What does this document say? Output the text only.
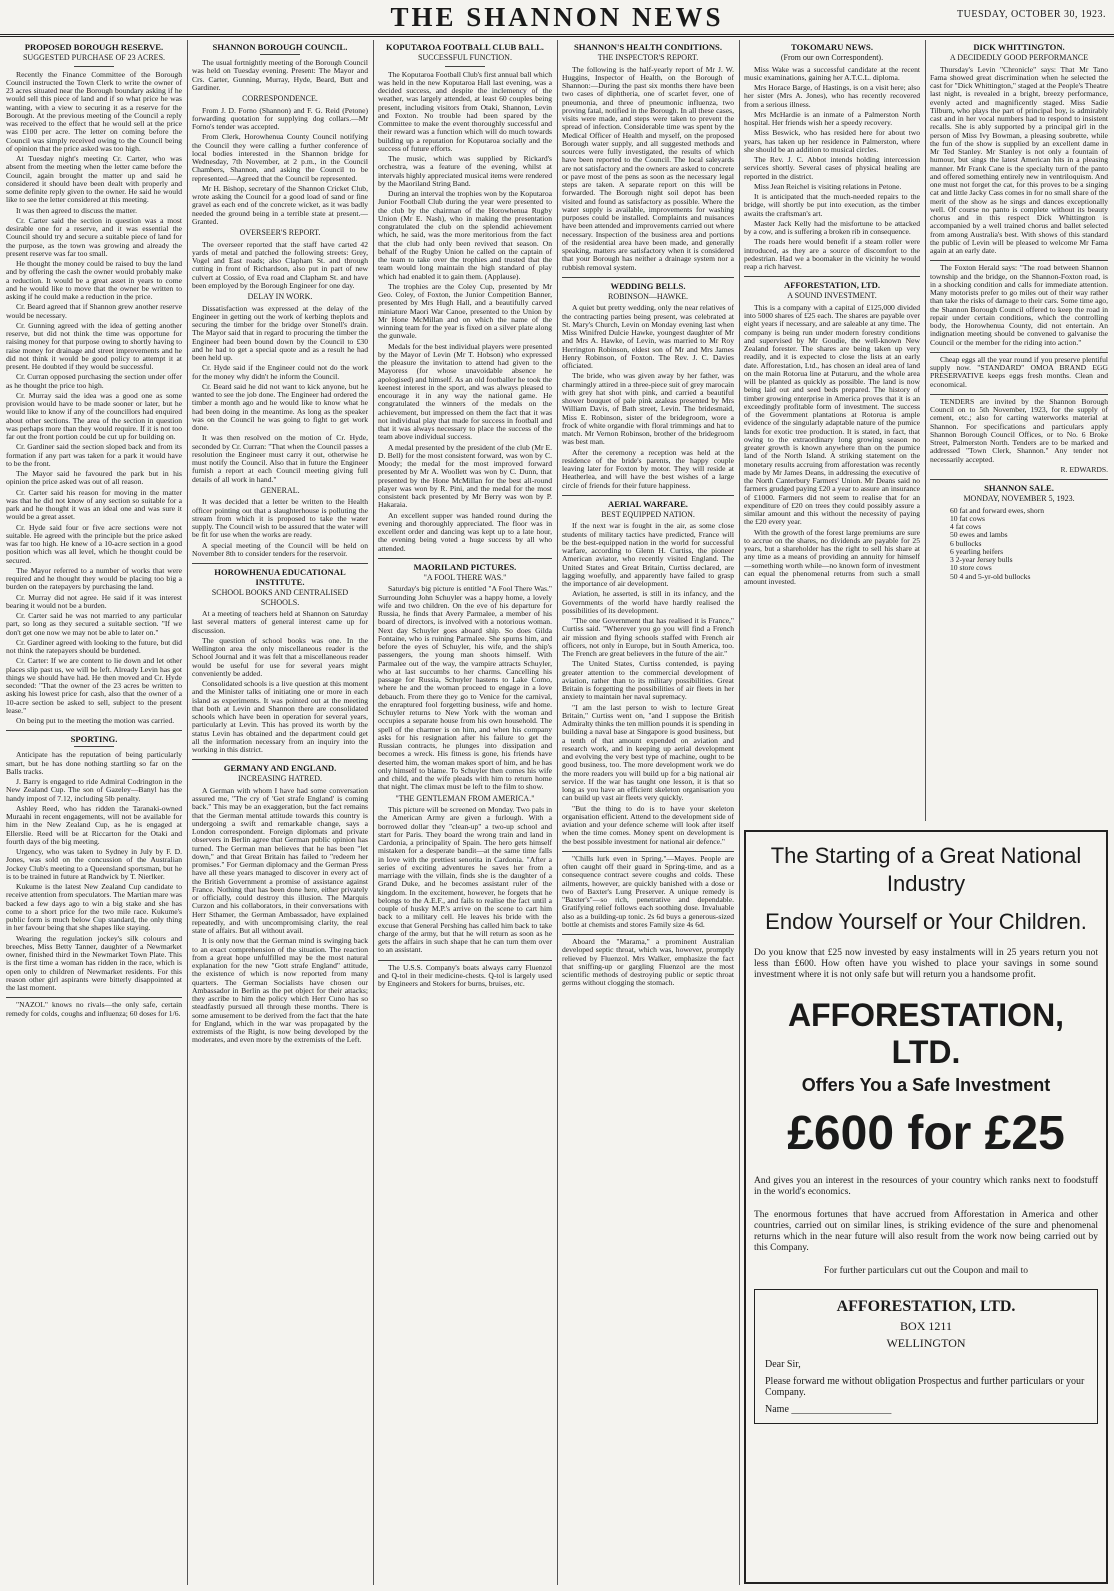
THE SHANNON NEWS	TUESDAY, OCTOBER 30, 1923.
PROPOSED BOROUGH RESERVE.
SUGGESTED PURCHASE OF 23 ACRES.

Recently the Finance Committee of the Borough Council instructed the Town Clerk to write the owner of 23 acres situated near the Borough boundary asking if he would sell this piece of land and if so what price he was wanting, with a view to securing it as a reserve for the Borough. At the previous meeting of the Council a reply was received to the effect that he would sell at the price was £100 per acre. The letter on coming before the Council was simply received owing to the Council being of opinion that the price asked was too high.

At Tuesday night's meeting Cr. Carter, who was absent from the meeting when the letter came before the Council, again brought the matter up and said he considered it should have been dealt with properly and some definite reply given to the owner. He said he would like to see the letter considered at this meeting.

It was then agreed to discuss the matter.

Cr. Carter said the section in question was a most desirable one for a reserve, and it was essential the Council should try and secure a suitable piece of land for the purpose, as the town was growing and already the present reserve was far too small.

He thought the money could be raised to buy the land and by offering the cash the owner would probably make a reduction. It would be a great asset in years to come and he would like to move that the owner be written to asking if he could make a reduction in the price.

Cr. Beard agreed that if Shannon grew another reserve would be necessary.

Cr. Gunning agreed with the idea of getting another reserve, but did not think the time was opportune for raising money for that purpose owing to shortly having to raise money for drainage and street improvements and he did not think it would be good policy to attempt it at present. He doubted if they would be successful.

Cr. Curran opposed purchasing the section under offer as he thought the price too high.

Cr. Murray said the idea was a good one as some provision would have to be made sooner or later, but he would like to know if any of the councillors had enquired about other sections. The area of the section in question was perhaps more than they would require. If it is not too far out the front portion could be cut up for building on.

Cr. Gardiner said the section sloped back and from its formation if any part was taken for a park it would have to be the front.

The Mayor said he favoured the park but in his opinion the price asked was out of all reason.

Cr. Carter said his reason for moving in the matter was that he did not know of any section so suitable for a park and he thought it was an ideal one and was sure it would be a great asset.

Cr. Hyde said four or five acre sections were not suitable. He agreed with the principle but the price asked was far too high. He knew of a 10-acre section in a good position which was all level, which he thought could be secured.

The Mayor referred to a number of works that were required and he thought they would be placing too big a burden on the ratepayers by purchasing the land.

Cr. Murray did not agree. He said if it was interest bearing it would not be a burden.

Cr. Carter said he was not married to any particular part, so long as they secured a suitable section. "If we don't get one now we may not be able to later on."

Cr. Gardiner agreed with looking to the future, but did not think the ratepayers should be burdened.

Cr. Carter: If we are content to lie down and let other places slip past us, we will be left. Already Levin has got things we should have had. He then moved and Cr. Hyde seconded: "That the owner of the 23 acres be written to asking his lowest price for cash, also that the owner of a 10-acre section be asked to sell, subject to the present lease."

On being put to the meeting the motion was carried.

SPORTING.

Anticipate has the reputation of being particularly smart, but he has done nothing startling so far on the Balls tracks.

J. Barry is engaged to ride Admiral Codrington in the New Zealand Cup. The son of Gazeley—Banyl has the handy impost of 7.12, including 5lb penalty.

Ashley Reed, who has ridden the Taranaki-owned Muraahi in recent engagements, will not be available for him in the New Zealand Cup, as he is engaged at Ellerslie. Reed will be at Riccarton for the Otaki and fourth days of the big meeting.

Urgency, who was taken to Sydney in July by F. D. Jones, was sold on the concussion of the Australian Jockey Club's meeting to a Queensland sportsman, but he is to be trained in future at Randwick by T. Nierlker.

Kukume is the latest New Zealand Cup candidate to receive attention from speculators. The Martian mare was backed a few days ago to win a big stake and she has come to a short price for the two mile race. Kukume's public form is much below Cup standard, the only thing in her favour being that she shapes like staying.

Wearing the regulation jockey's silk colours and breeches, Miss Betty Tanner, daughter of a Newmarket owner, finished third in the Newmarket Town Plate. This is the first time a woman has ridden in the race, which is open only to children of Newmarket residents. For this reason other girl aspirants were bitterly disappointed at the last moment.

"NAZOL" knows no rivals—the only safe, certain remedy for colds, coughs and influenza; 60 doses for 1/6.

SHANNON BOROUGH COUNCIL.

The usual fortnightly meeting of the Borough Council was held on Tuesday evening. Present: The Mayor and Crs. Carter, Gunning, Murray, Hyde, Beard, Butt and Gardiner.

CORRESPONDENCE.

From J. D. Forno (Shannon) and F. G. Reid (Petone) forwarding quotation for supplying dog collars.—Mr Forno's tender was accepted.

From Clerk, Horowhenua County Council notifying the Council they were calling a further conference of local bodies interested in the Shannon bridge for Wednesday, 7th November, at 2 p.m., in the Council Chambers, Shannon, and asking the Council to be represented.—Agreed that the Council be represented.

Mr H. Bishop, secretary of the Shannon Cricket Club, wrote asking the Council for a good load of sand or fine gravel as each end of the concrete wicket, as it was badly needed the ground being in a terrible state at present.—Granted.

OVERSEER'S REPORT.

The overseer reported that the staff have carted 42 yards of metal and patched the following streets: Grey, Vogel and East roads; also Clapham St. and through cutting in front of Richardson, also put in part of new culvert at Cossio, of Eva road and Clapham St. and have been employed by the Borough Engineer for one day.

DELAY IN WORK.

Dissatisfaction was expressed at the delay of the Engineer in getting out the work of kerbing theplots and securing the timber for the bridge over Stonell's drain. The Mayor said that in regard to procuring the timber the Engineer had been bound down by the Council to £30 and he had to get a special quote and as a result he had been held up.

Cr. Hyde said if the Engineer could not do the work for the money why didn't he inform the Council.

Cr. Beard said he did not want to kick anyone, but he wanted to see the job done. The Engineer had ordered the timber a month ago and he would like to know what he had been doing in the meantime. As long as the speaker was on the Council he was going to fight to get work done.

It was then resolved on the motion of Cr. Hyde, seconded by Cr. Curran: "That when the Council passes a resolution the Engineer must carry it out, otherwise he must notify the Council. Also that in future the Engineer furnish a report at each Council meeting giving full details of all work in hand."

GENERAL.

It was decided that a letter be written to the Health officer pointing out that a slaughterhouse is polluting the stream from which it is proposed to take the water supply. The Council wish to be assured that the water will be fit for use when the works are ready.

A special meeting of the Council will be held on November 8th to consider tenders for the reservoir.

HOROWHENUA EDUCATIONAL INSTITUTE.
SCHOOL BOOKS AND CENTRALISED SCHOOLS.

At a meeting of teachers held at Shannon on Saturday last several matters of general interest came up for discussion.

The question of school books was one. In the Wellington area the only miscellaneous reader is the School Journal and it was felt that a miscellaneous reader would be useful for use for several years might conveniently be added.

Consolidated schools is a live question at this moment and the Minister talks of initiating one or more in each island as experiments. It was pointed out at the meeting that both at Levin and Shannon there are consolidated schools which have been in operation for several years, particularly at Levin. This has proved its worth by the status Levin has obtained and the department could get all the information necessary from an inquiry into the working in this district.

GERMANY AND ENGLAND.
INCREASING HATRED.

A German with whom I have had some conversation assured me, "The cry of 'Get strafe England' is coming back." This may be an exaggeration, but the fact remains that the German mental attitude towards this country is undergoing a swift and remarkable change, says a London correspondent. Foreign diplomats and private observers in Berlin agree that German public opinion has turned. The German man believes that he has been "let down," and that Great Britain has failed to "redeem her promises." For German diplomacy and the German Press have all these years managed to discover in every act of the British Government a promise of assistance against France. Nothing that has been done here, either privately or officially, could destroy this illusion. The Marquis Curzon and his collaborators, in their conversations with Herr Sthamer, the German Ambassador, have explained repeatedly, and with uncompromising clarity, the real state of affairs. But all without avail.

It is only now that the German mind is swinging back to an exact comprehension of the situation. The reaction from a great hope unfulfilled may be the most natural explanation for the new "Gott strafe England" attitude, the existence of which is now reported from many quarters. The German Socialists have chosen our Ambassador in Berlin as the pet object for their attacks; they ascribe to him the policy which Herr Cuno has so steadfastly pursued all through these months. There is some amusement to be derived from the fact that the hate for England, which in the war was propagated by the extremists of the Right, is now being developed by the moderates, and even more by the extremists of the Left.

KOPUTAROA FOOTBALL CLUB BALL.
SUCCESSFUL FUNCTION.

The Koputaroa Football Club's first annual ball which was held in the new Koputaroa Hall last evening, was a decided success, and despite the inclemency of the weather, was largely attended, at least 60 couples being present, including visitors from Otaki, Shannon, Levin and Foxton. No trouble had been spared by the Committee to make the event thoroughly successful and their reward was a function which will do much towards building up a reputation for Koputaroa socially and the success of future efforts.

The music, which was supplied by Rickard's orchestra, was a feature of the evening, whilst at intervals highly appreciated musical items were rendered by the Maoriland String Band.

During an interval the trophies won by the Koputaroa Junior Football Club during the year were presented to the club by the chairman of the Horowhenua Rugby Union (Mr E. Nash), who in making the presentation congratulated the club on the splendid achievement which, he said, was the more meritorious from the fact that the club had only been revived that season. On behalf of the Rugby Union he called on the captain of the team to take over the trophies and trusted that the team would long maintain the high standard of play which had enabled it to gain them. (Applause).

The trophies are the Coley Cup, presented by Mr Geo. Coley, of Foxton, the Junior Competition Banner, presented by Mrs Hugh Hall, and a beautifully carved miniature Maori War Canoe, presented to the Union by Mr Hone McMillan and on which the name of the winning team for the year is fixed on a silver plate along the gunwale.

Medals for the best individual players were presented by the Mayor of Levin (Mr T. Hobson) who expressed the pleasure the invitation to attend had given to the Mayoress (for whose unavoidable absence he apologised) and himself. As an old footballer he took the keenest interest in the sport, and was always pleased to encourage it in any way the national game. He congratulated the winners of the medals on the achievement, but impressed on them the fact that it was not individual play that made for success in football and that it was always necessary to place the success of the team above individual success.

A medal presented by the president of the club (Mr E. D. Bell) for the most consistent forward, was won by C. Moody; the medal for the most improved forward presented by Mr A. Woollett was won by C. Dunn, that presented by the Hone McMillan for the best all-round player was won by R. Pini, and the medal for the most consistent back presented by Mr Berry was won by P. Hakaraia.

An excellent supper was handed round during the evening and thoroughly appreciated. The floor was in excellent order and dancing was kept up to a late hour, the evening being voted a huge success by all who attended.

MAORILAND PICTURES.
"A FOOL THERE WAS."

Saturday's big picture is entitled "A Fool There Was." Surrounding John Schuyler was a happy home, a lovely wife and two children. On the eve of his departure for Russia, he finds that Avery Parmalee, a member of his board of directors, is involved with a notorious woman. Next day Schuyler goes aboard ship. So does Gilda Fontaine, who is ruining Parmalee. She spurns him, and before the eyes of Schuyler, his wife, and the ship's passengers, the young man shoots himself. With Parmalee out of the way, the vampire attracts Schuyler, who at last succumbs to her charms. Cancelling his passage for Russia, Schuyler hastens to Lake Como, where he and the woman proceed to engage in a love debauch. From there they go to Venice for the carnival, the enraptured fool forgetting business, wife and home. Schuyler returns to New York with the woman and occupies a separate house from his own household. The spell of the charmer is on him, and when his company asks for his resignation after his failure to get the Russian contracts, he plunges into dissipation and becomes a wreck. His fitness is gone, his friends have deserted him, the woman makes sport of him, and he has only himself to blame. To Schuyler then comes his wife and child, and the wife pleads with him to return home that night. The climax must be left to the film to show.

"THE GENTLEMAN FROM AMERICA."

This picture will be screened on Monday. Two pals in the American Army are given a furlough. With a borrowed dollar they "clean-up" a two-up school and start for Paris. They board the wrong train and land in Cardonia, a principality of Spain. The hero gets himself mistaken for a desperate bandit—at the same time falls in love with the prettiest senorita in Cardonia. "After a series of exciting adventures he saves her from a marriage with the villain, finds she is the daughter of a Grand Duke, and he becomes assistant ruler of the kingdom. In the excitement, however, he forgets that he belongs to the A.E.F., and fails to realise the fact until a couple of husky M.P.'s arrive on the scene to cart him back to a military cell. He leaves his bride with the excuse that General Pershing has called him back to take charge of the army, but that he will return as soon as he gets the affairs in such shape that he can turn them over to an assistant.

The U.S.S. Company's boats always carry Fluenzol and Q-tol in their medicine-chests. Q-tol is largely used by Engineers and Stokers for burns, bruises, etc.

SHANNON'S HEALTH CONDITIONS.
THE INSPECTOR'S REPORT.

The following is the half-yearly report of Mr J. W. Huggins, Inspector of Health, on the Borough of Shannon:—During the past six months there have been two cases of diphtheria, one of scarlet fever, one of pneumonia, and three of pneumonic influenza, two proving fatal, notified in the Borough. In all these cases, visits were made, and steps were taken to prevent the spread of infection. Considerable time was spent by the Medical Officer of Health and myself, on the proposed Borough water supply, and all suggested methods and sources were fully investigated, the results of which have been reported to the Council. The local saleyards are not satisfactory and the owners are asked to concrete or pave most of the pens as soon as the necessary legal steps are taken. A separate report on this will be forwarded. The Borough night soil depot has been visited and found as satisfactory as possible. Where the water supply is available, improvements for washing purposes could be installed. Complaints and nuisances have been attended and improvements carried out where necessary. Inspection of the business area and portions of the residential area have been made, and generally speaking, matters are satisfactory when it is considered that your Borough has neither a drainage system nor a rubbish removal system.

WEDDING BELLS.
ROBINSON—HAWKE.

A quiet but pretty wedding, only the near relatives of the contracting parties being present, was celebrated at St. Mary's Church, Levin on Monday evening last when Miss Winifred Dulcie Hawke, youngest daughter of Mr and Mrs A. Hawke, of Levin, was married to Mr Roy Herrington Robinson, eldest son of Mr and Mrs James Henry Robinson, of Foxton. The Rev. J. C. Davies officiated.

The bride, who was given away by her father, was charmingly attired in a three-piece suit of grey marocain with grey hat shot with pink, and carried a beautiful shower bouquet of pale pink azaleas presented by Mrs William Davis, of Bath street, Levin. The bridesmaid, Miss E. Robinson, sister of the bridegroom, wore a frock of white organdie with floral trimmings and hat to match. Mr Vernon Robinson, brother of the bridegroom was best man.

After the ceremony a reception was held at the residence of the bride's parents, the happy couple leaving later for Foxton by motor. They will reside at Heatherlea, and will have the best wishes of a large circle of friends for their future happiness.

AERIAL WARFARE.
BEST EQUIPPED NATION.

If the next war is fought in the air, as some close students of military tactics have predicted, France will be the best-equipped nation in the world for successful warfare, according to Glenn H. Curtiss, the pioneer American aviator, who recently visited England. The United States and Great Britain, Curtiss declared, are lagging woefully, and apparently have failed to grasp the importance of air development.

Aviation, he asserted, is still in its infancy, and the Governments of the world have hardly realised the possibilities of its development.

"The one Government that has realised it is France," Curtiss said. "Wherever you go you will find a French air mission and flying schools staffed with French air officers, not only in Europe, but in South America, too. The French are great believers in the future of the air."

The United States, Curtiss contended, is paying greater attention to the commercial development of aviation, rather than to its military possibilities. Great Britain is forgetting the possibilities of air fleets in her anxiety to maintain her naval supremacy.

"I am the last person to wish to lecture Great Britain," Curtiss went on, "and I suppose the British Admiralty thinks the ten million pounds it is spending in building a naval base at Singapore is good business, but a tenth of that amount expended on aviation and research work, and in keeping up aerial development and evolving the very best type of machine, ought to be good business, too. The more development work we do the more readers you will build up for a big national air service. If the war has taught one lesson, it is that so long as you have an efficient skeleton organisation you can build up vast air fleets very quickly.

"But the thing to do is to have your skeleton organisation efficient. Attend to the development side of aviation and your defence scheme will look after itself when the time comes. Money spent on development is the best possible investment for national air defence."

"Chills lurk even in Spring."—Mayes. People are often caught off their guard in Spring-time, and as a consequence contract severe coughs and colds. These ailments, however, are quickly banished with a dose or two of Baxter's Lung Preserver. A unique remedy is "Baxter's"—so rich, penetrative and dependable. Gratifying relief follows each soothing dose. Invaluable also as a building-up tonic. 2s 6d buys a generous-sized bottle at chemists and stores Family size 4s 6d.

Aboard the "Marama," a prominent Australian developed septic throat, which was, however, promptly relieved by Fluenzol. Mrs Walker, emphasize the fact that sniffing-up or gargling Fluenzol are the most scientific methods of destroying public or septic throat germs without clogging the stomach.

TOKOMARU NEWS.
(From our own Correspondent).

Miss Wake was a successful candidate at the recent music examinations, gaining her A.T.C.L. diploma.

Mrs Horace Barge, of Hastings, is on a visit here; also her sister (Mrs A. Jones), who has recently recovered from a serious illness.

Mrs McHardie is an inmate of a Palmerston North hospital. Her friends wish her a speedy recovery.

Miss Beswick, who has resided here for about two years, has taken up her residence in Palmerston, where she should be an addition to musical circles.

The Rev. J. C. Abbot intends holding intercession services shortly. Several cases of physical healing are reported in the district.

Miss Jean Reichel is visiting relations in Petone.

It is anticipated that the much-needed repairs to the bridge, will shortly be put into execution, as the timber awaits the craftsman's art.

Master Jack Kelly had the misfortune to be attacked by a cow, and is suffering a broken rib in consequence.

The roads here would benefit if a steam roller were introduced, as they are a source of discomfort to the pedestrian. Had we a boomaker in the vicinity he would reap a rich harvest.

AFFORESTATION, LTD.
A SOUND INVESTMENT.

This is a company with a capital of £125,000 divided into 5000 shares of £25 each. The shares are payable over eight years if necessary, and are saleable at any time. The company is being run under modern forestry conditions and supervised by Mr Goudie, the well-known New Zealand forester. The shares are being taken up very readily, and it is expected to close the lists at an early date. Afforestation, Ltd., has chosen an ideal area of land on the main Rotorua line at Putaruru, and the whole area will be planted as quickly as possible. The land is now being laid out and seed beds prepared. The history of timber growing enterprise in America proves that it is an exceedingly profitable form of investment. The success of the Government plantations at Rotorua is ample evidence of the singularly adaptable nature of the pumice lands for exotic tree production. It is stated, in fact, that owing to the extraordinary long growing season no greater growth is known anywhere than on the pumice land of the North Island. A striking statement on the monetary results accruing from afforestation was recently made by Mr James Deans, in addressing the executive of the North Canterbury Farmers' Union. Mr Deans said no farmers grudged paying £20 a year to assure an insurance of £1000. Farmers did not seem to realise that for an expenditure of £20 on trees they could possibly assure a similar amount and this without the necessity of paying the £20 every year.

With the growth of the forest large premiums are sure to accrue on the shares, no dividends are payable for 25 years, but a shareholder has the right to sell his share at any time as a means of providing an annuity for himself—something worth while—no known form of investment can equal the phenomenal returns from such a small amount invested.

DICK WHITTINGTON.
A DECIDEDLY GOOD PERFORMANCE

Thursday's Levin "Chronicle" says: That Mr Tano Fama showed great discrimination when he selected the cast for "Dick Whittington," staged at the People's Theatre last night, is revealed in a bright, breezy performance, evenly acted and magnificently staged. Miss Sadie Tilburn, who plays the part of principal boy, is admirably cast and in her vocal numbers had to respond to insistent recalls. She is ably supported by a principal girl in the person of Miss Ivy Bowman, a pleasing soubrette, while the fun of the show is supplied by an excellent dame in Mr Ted Stanley. Mr Stanley is not only a fountain of humour, but sings the latest American hits in a pleasing manner. Mr Frank Cane is the specialty turn of the panto and offered something entirely new in ventriloquism. And one must not forget the cat, for this proves to be a singing cat and little Jacky Cass comes in for no small share of the merit of the show as he sings and dances exceptionally well. Of course no panto is complete without its beauty chorus and in this respect Dick Whittington is accompanied by a well trained chorus and ballet selected from among Australia's best. With shows of this standard the public of Levin will be pleased to welcome Mr Fama again at an early date.

The Foxton Herald says: "The road between Shannon township and the bridge, on the Shannon-Foxton road, is in a shocking condition and calls for immediate attention. Many motorists prefer to go miles out of their way rather than take the risks of damage to their cars. Some time ago, the Shannon Borough Council offered to keep the road in repair under certain conditions, which the controlling body, the Horowhenua County, did not entertain. An indignation meeting should be convened to galvanise the Council or the member for the riding into action."

Cheap eggs all the year round if you preserve plentiful supply now. "STANDARD" OMOA BRAND EGG PRESERVATIVE keeps eggs fresh months. Clean and economical.

TENDERS are invited by the Shannon Borough Council on to 5th November, 1923, for the supply of cement, etc.; also for carting waterworks material at Shannon. For specifications and particulars apply Shannon Borough Council Offices, or to No. 6 Broke Street, Palmerston North. Tenders are to be marked and addressed "Town Clerk, Shannon." Any tender not necessarily accepted.

R. EDWARDS.
SHANNON SALE.
MONDAY, NOVEMBER 5, 1923.
60 fat and forward ewes, shorn
10 fat cows
4 fat cows
50 ewes and lambs
6 bullocks
6 yearling heifers
3 2-year Jersey bulls
10 store cows
50 4 and 5-yr-old bullocks
The Starting of a Great National Industry
Endow Yourself or Your Children.
Do you know that £25 now invested by easy instalments will in 25 years return you not less than £600. How often have you wished to place your savings in some sound investment where it is not only safe but will return you a handsome profit.
AFFORESTATION, LTD.
Offers You a Safe Investment
£600 for £25
And gives you an interest in the resources of your country which ranks next to foodstuff in the world's economics.
The enormous fortunes that have accrued from Afforestation in America and other countries, carried out on similar lines, is striking evidence of the sure and phenomenal returns which in the near future will also result from the work now being carried out by this Company.
For further particulars cut out the Coupon and mail to
AFFORESTATION, LTD.
BOX 1211
WELLINGTON
Dear Sir,
Please forward me without obligation Prospectus and further particulars or your Company.
Name ____________________
